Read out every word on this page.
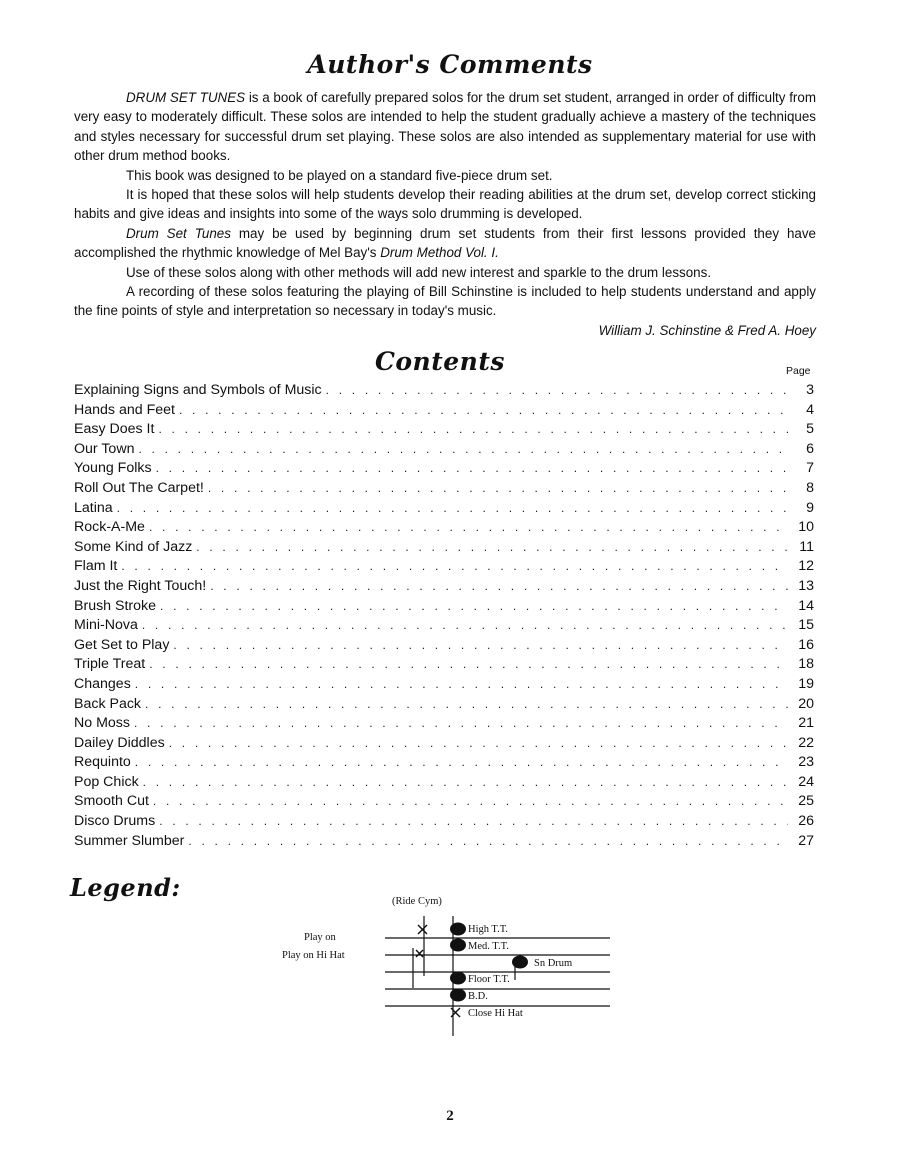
Author's Comments

DRUM SET TUNES is a book of carefully prepared solos for the drum set student, arranged in order of difficulty from very easy to moderately difficult. These solos are intended to help the student gradually achieve a mastery of the techniques and styles necessary for successful drum set playing. These solos are also intended as supplementary material for use with other drum method books.

This book was designed to be played on a standard five-piece drum set.

It is hoped that these solos will help students develop their reading abilities at the drum set, develop correct sticking habits and give ideas and insights into some of the ways solo drumming is developed.

Drum Set Tunes may be used by beginning drum set students from their first lessons provided they have accomplished the rhythmic knowledge of Mel Bay's Drum Method Vol. I.

Use of these solos along with other methods will add new interest and sparkle to the drum lessons.

A recording of these solos featuring the playing of Bill Schinstine is included to help students understand and apply the fine points of style and interpretation so necessary in today's music.

William J. Schinstine & Fred A. Hoey

Contents	Page
Explaining Signs and Symbols of Music . . .	3
Hands and Feet . . .	4
Easy Does It . . .	5
Our Town . . .	6
Young Folks . . .	7
Roll Out The Carpet! . . .	8
Latina . . .	9
Rock-A-Me . . .	10
Some Kind of Jazz . . .	11
Flam It . . .	12
Just the Right Touch! . . .	13
Brush Stroke . . .	14
Mini-Nova . . .	15
Get Set to Play . . .	16
Triple Treat . . .	18
Changes . . .	19
Back Pack . . .	20
No Moss . . .	21
Dailey Diddles . . .	22
Requinto . . .	23
Pop Chick . . .	24
Smooth Cut . . .	25
Disco Drums . . .	26
Summer Slumber . . .	27
Legend:	(Ride Cym)
Play on
Play on Hi Hat
High T.T.
Med. T.T.
Sn Drum
Floor T.T.
B.D.
Close Hi Hat
2
